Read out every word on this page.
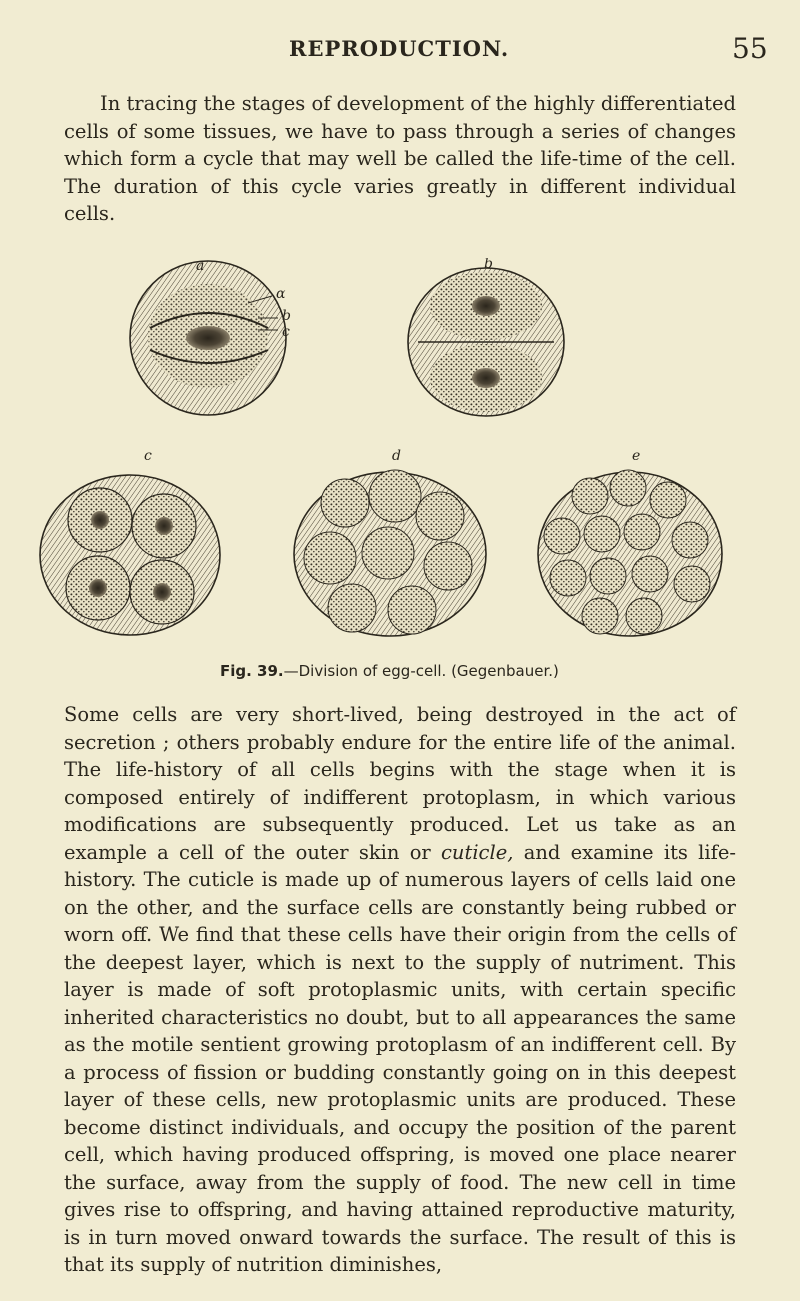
REPRODUCTION.	55

In tracing the stages of development of the highly differentiated cells of some tissues, we have to pass through a series of changes which form a cycle that may well be called the life-time of the cell. The duration of this cycle varies greatly in different individual cells.

a
α
b
c
b
c	d	e
Fig. 39.—Division of egg-cell. (Gegenbauer.)

Some cells are very short-lived, being destroyed in the act of secretion ; others probably endure for the entire life of the animal. The life-history of all cells begins with the stage when it is composed entirely of indifferent protoplasm, in which various modifications are subsequently produced. Let us take as an example a cell of the outer skin or cuticle, and examine its life-history. The cuticle is made up of numerous layers of cells laid one on the other, and the surface cells are constantly being rubbed or worn off. We find that these cells have their origin from the cells of the deepest layer, which is next to the supply of nutriment. This layer is made of soft protoplasmic units, with certain specific inherited characteristics no doubt, but to all appearances the same as the motile sentient growing protoplasm of an indifferent cell. By a process of fission or budding constantly going on in this deepest layer of these cells, new protoplasmic units are produced. These become distinct individuals, and occupy the position of the parent cell, which having produced offspring, is moved one place nearer the surface, away from the supply of food. The new cell in time gives rise to offspring, and having attained reproductive maturity, is in turn moved onward towards the surface. The result of this is that its supply of nutrition diminishes,
